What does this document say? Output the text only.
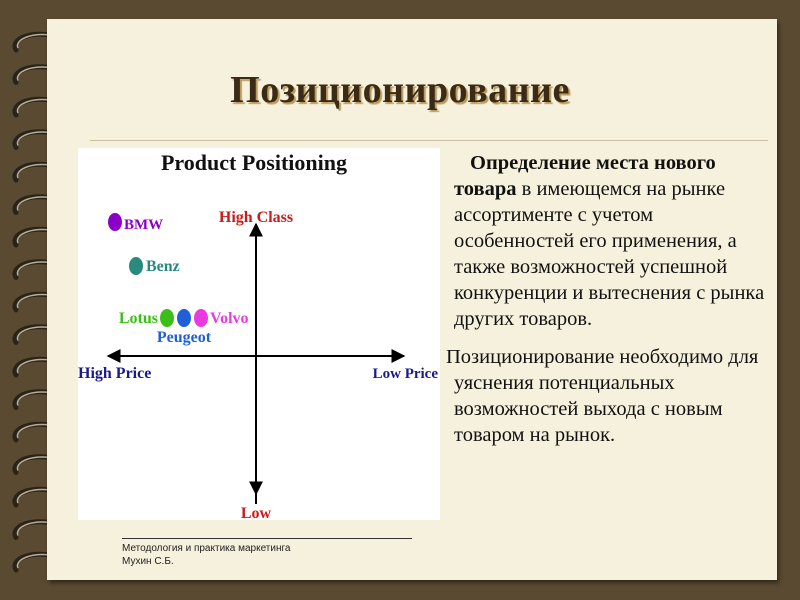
Позиционирование
Product Positioning
High Class
Low
High Price	Low Price
BMW
Benz
Lotus
Peugeot
Volvo

Определение места нового товара в имеющемся на рынке ассортименте с учетом особенностей его применения, а также возможностей успешной конкуренции и вытеснения с рынка других товаров.

Позиционирование необходимо для уяснения потенциальных возможностей выхода с новым товаром на рынок.

Методология и практика маркетинга
Мухин С.Б.
